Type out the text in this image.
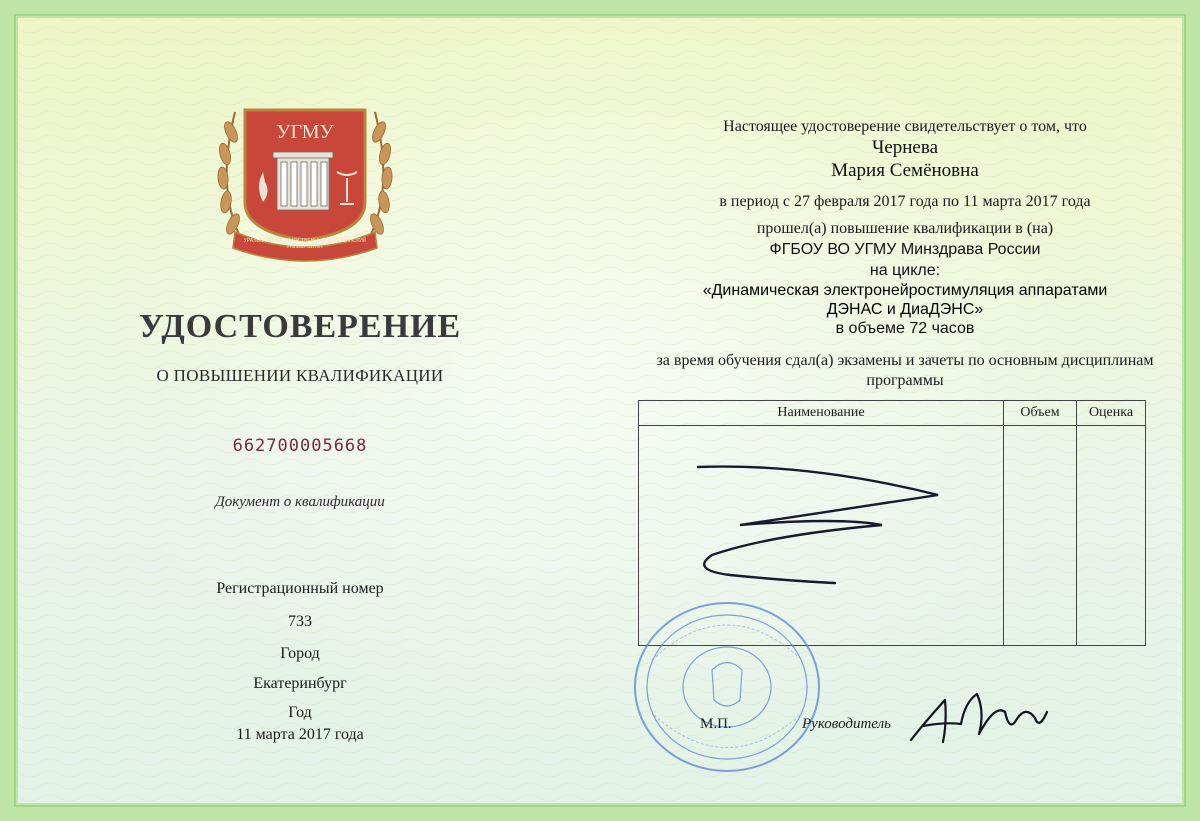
УГМУ
УРАЛЬСКИЙ ГОСУДАРСТВЕННЫЙ МЕДИЦИНСКИЙ УНИВЕРСИТЕТ
УДОСТОВЕРЕНИЕ
О ПОВЫШЕНИИ КВАЛИФИКАЦИИ
662700005668
Документ о квалификации
Регистрационный номер
733
Город
Екатеринбург
Год
11 марта 2017 года
Настоящее удостоверение свидетельствует о том, что
Чернева
Мария Семёновна
в период с 27 февраля 2017 года по 11 марта 2017 года
прошел(а) повышение квалификации в (на)
ФГБОУ ВО УГМУ Минздрава России
на цикле:
«Динамическая электронейростимуляция аппаратами
ДЭНАС и ДиаДЭНС»
в объеме 72 часов
за время обучения сдал(а) экзамены и зачеты по основным дисциплинам
программы
Наименование	Объем	Оценка

М.П.	Руководитель
